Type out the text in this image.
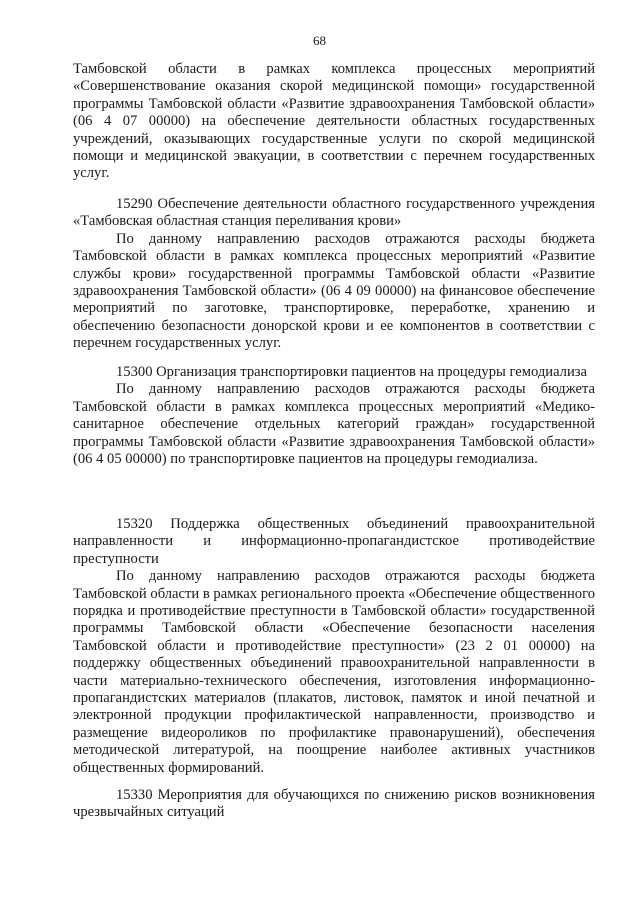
68

Тамбовской области в рамках комплекса процессных мероприятий «Совершенствование оказания скорой медицинской помощи» государственной программы Тамбовской области «Развитие здравоохранения Тамбовской области» (06 4 07 00000) на обеспечение деятельности областных государственных учреждений, оказывающих государственные услуги по скорой медицинской помощи и медицинской эвакуации, в соответствии с перечнем государственных услуг.

15290 Обеспечение деятельности областного государственного учреждения «Тамбовская областная станция переливания крови»

По данному направлению расходов отражаются расходы бюджета Тамбовской области в рамках комплекса процессных мероприятий «Развитие службы крови» государственной программы Тамбовской области «Развитие здравоохранения Тамбовской области» (06 4 09 00000) на финансовое обеспечение мероприятий по заготовке, транспортировке, переработке, хранению и обеспечению безопасности донорской крови и ее компонентов в соответствии с перечнем государственных услуг.

15300 Организация транспортировки пациентов на процедуры гемодиализа

По данному направлению расходов отражаются расходы бюджета Тамбовской области в рамках комплекса процессных мероприятий «Медико-санитарное обеспечение отдельных категорий граждан» государственной программы Тамбовской области «Развитие здравоохранения Тамбовской области» (06 4 05 00000) по транспортировке пациентов на процедуры гемодиализа.

15320 Поддержка общественных объединений правоохранительной направленности и информационно-пропагандистское противодействие преступности

По данному направлению расходов отражаются расходы бюджета Тамбовской области в рамках регионального проекта «Обеспечение общественного порядка и противодействие преступности в Тамбовской области» государственной программы Тамбовской области «Обеспечение безопасности населения Тамбовской области и противодействие преступности» (23 2 01 00000) на поддержку общественных объединений правоохранительной направленности в части материально-технического обеспечения, изготовления информационно-пропагандистских материалов (плакатов, листовок, памяток и иной печатной и электронной продукции профилактической направленности, производство и размещение видеороликов по профилактике правонарушений), обеспечения методической литературой, на поощрение наиболее активных участников общественных формирований.

15330 Мероприятия для обучающихся по снижению рисков возникновения чрезвычайных ситуаций
